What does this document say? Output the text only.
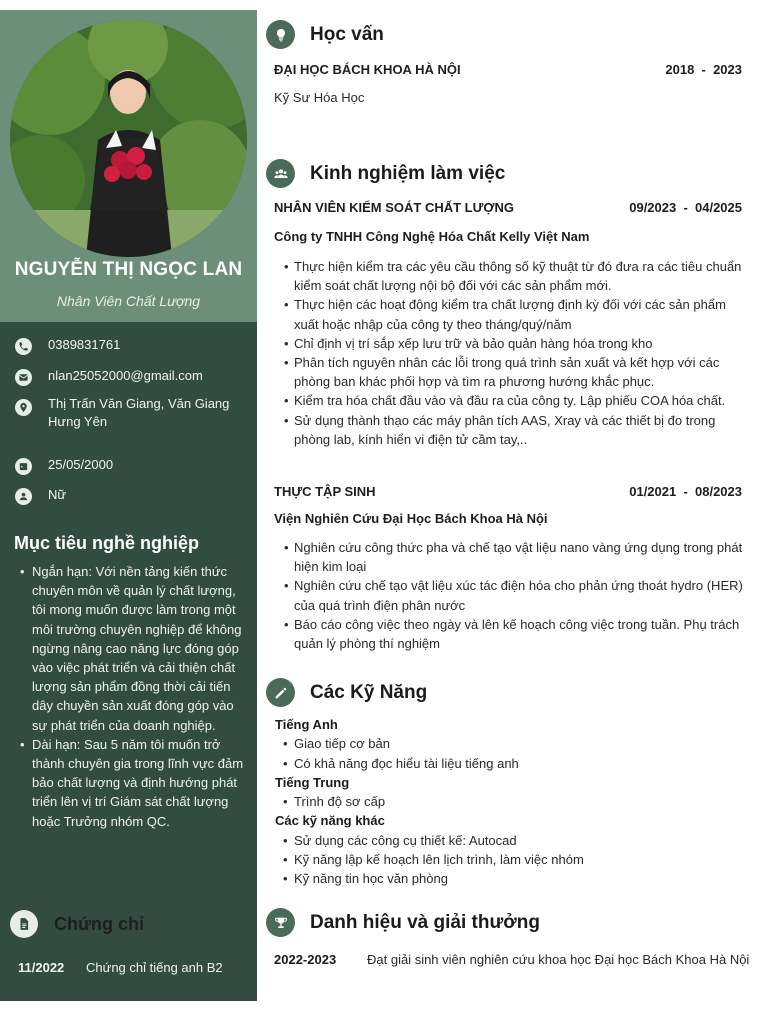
NGUYỄN THỊ NGỌC LAN
Nhân Viên Chất Lượng
0389831761
nlan25052000@gmail.com
Thị Trấn Văn Giang, Văn Giang Hưng Yên
25/05/2000
Nữ
Mục tiêu nghề nghiệp
• Ngắn hạn: Với nền tảng kiến thức chuyên môn về quản lý chất lượng, tôi mong muốn được làm trong một môi trường chuyên nghiệp để không ngừng nâng cao năng lực đóng góp vào việc phát triển và cải thiện chất lượng sản phẩm đồng thời cải tiến dây chuyền sản xuất đóng góp vào sự phát triển của doanh nghiệp.
• Dài hạn: Sau 5 năm tôi muốn trở thành chuyên gia trong lĩnh vực đảm bảo chất lượng và định hướng phát triển lên vị trí Giám sát chất lượng hoặc Trưởng nhóm QC.
Chứng chỉ
11/2022 Chứng chỉ tiếng anh B2
Học vấn
ĐẠI HỌC BÁCH KHOA HÀ NỘI	2018  -  2023
Kỹ Sư Hóa Học
Kinh nghiệm làm việc
NHÂN VIÊN KIỂM SOÁT CHẤT LƯỢNG	09/2023  -  04/2025
Công ty TNHH Công Nghệ Hóa Chất Kelly Việt Nam
• Thực hiện kiểm tra các yêu cầu thông số kỹ thuật từ đó đưa ra các tiêu chuẩn kiểm soát chất lượng nội bộ đối với các sản phẩm mới.
• Thực hiện các hoạt động kiểm tra chất lượng định kỳ đối với các sản phẩm xuất hoặc nhập của công ty theo tháng/quý/năm
• Chỉ định vị trí sắp xếp lưu trữ và bảo quản hàng hóa trong kho
• Phân tích nguyên nhân các lỗi trong quá trình sản xuất và kết hợp với các phòng ban khác phối hợp và tìm ra phương hướng khắc phục.
• Kiểm tra hóa chất đầu vào và đầu ra của công ty. Lập phiếu COA hóa chất.
• Sử dụng thành thạo các máy phân tích AAS, Xray và các thiết bị đo trong phòng lab, kính hiển vi điện tử cầm tay,..
THỰC TẬP SINH	01/2021  -  08/2023
Viện Nghiên Cứu Đại Học Bách Khoa Hà Nội
• Nghiên cứu công thức pha và chế tạo vật liệu nano vàng ứng dụng trong phát hiện kim loại
• Nghiên cứu chế tạo vật liệu xúc tác điện hóa cho phản ứng thoát hydro (HER) của quá trình điện phân nước
• Báo cáo công việc theo ngày và lên kế hoạch công việc trong tuần. Phụ trách quản lý phòng thí nghiệm
Các Kỹ Năng
Tiếng Anh
• Giao tiếp cơ bản
• Có khả năng đọc hiểu tài liệu tiếng anh
Tiếng Trung
• Trình độ sơ cấp
Các kỹ năng khác
• Sử dụng các công cụ thiết kế: Autocad
• Kỹ năng lập kế hoạch lên lịch trình, làm việc nhóm
• Kỹ năng tin học văn phòng
Danh hiệu và giải thưởng
2022-2023 Đạt giải sinh viên nghiên cứu khoa học Đại học Bách Khoa Hà Nội
